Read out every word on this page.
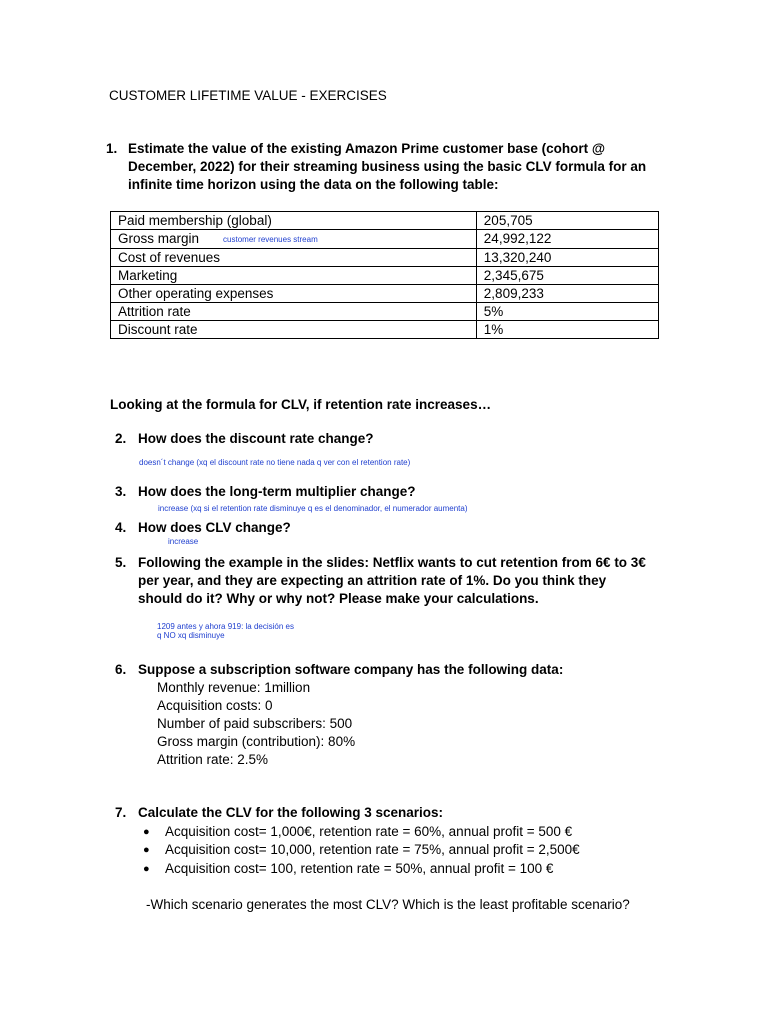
CUSTOMER LIFETIME VALUE - EXERCISES
1. Estimate the value of the existing Amazon Prime customer base (cohort @
December, 2022) for their streaming business using the basic CLV formula for an
infinite time horizon using the data on the following table:
Paid membership (global)	205,705
Gross margin customer revenues stream	24,992,122
Cost of revenues	13,320,240
Marketing	2,345,675
Other operating expenses	2,809,233
Attrition rate	5%
Discount rate	1%
Looking at the formula for CLV, if retention rate increases…
2. How does the discount rate change?
doesn´t change (xq el discount rate no tiene nada q ver con el retention rate)
3. How does the long-term multiplier change?
increase (xq si el retention rate disminuye q es el denominador, el numerador aumenta)
4. How does CLV change?
increase
5. Following the example in the slides: Netflix wants to cut retention from 6€ to 3€
per year, and they are expecting an attrition rate of 1%. Do you think they
should do it? Why or why not? Please make your calculations.
1209 antes y ahora 919: la decisión es
q NO xq disminuye
6. Suppose a subscription software company has the following data:
Monthly revenue: 1million
Acquisition costs: 0
Number of paid subscribers: 500
Gross margin (contribution): 80%
Attrition rate: 2.5%
7. Calculate the CLV for the following 3 scenarios:
● Acquisition cost= 1,000€, retention rate = 60%, annual profit = 500 €
● Acquisition cost= 10,000, retention rate = 75%, annual profit = 2,500€
● Acquisition cost= 100, retention rate = 50%, annual profit = 100 €
-Which scenario generates the most CLV? Which is the least profitable scenario?
